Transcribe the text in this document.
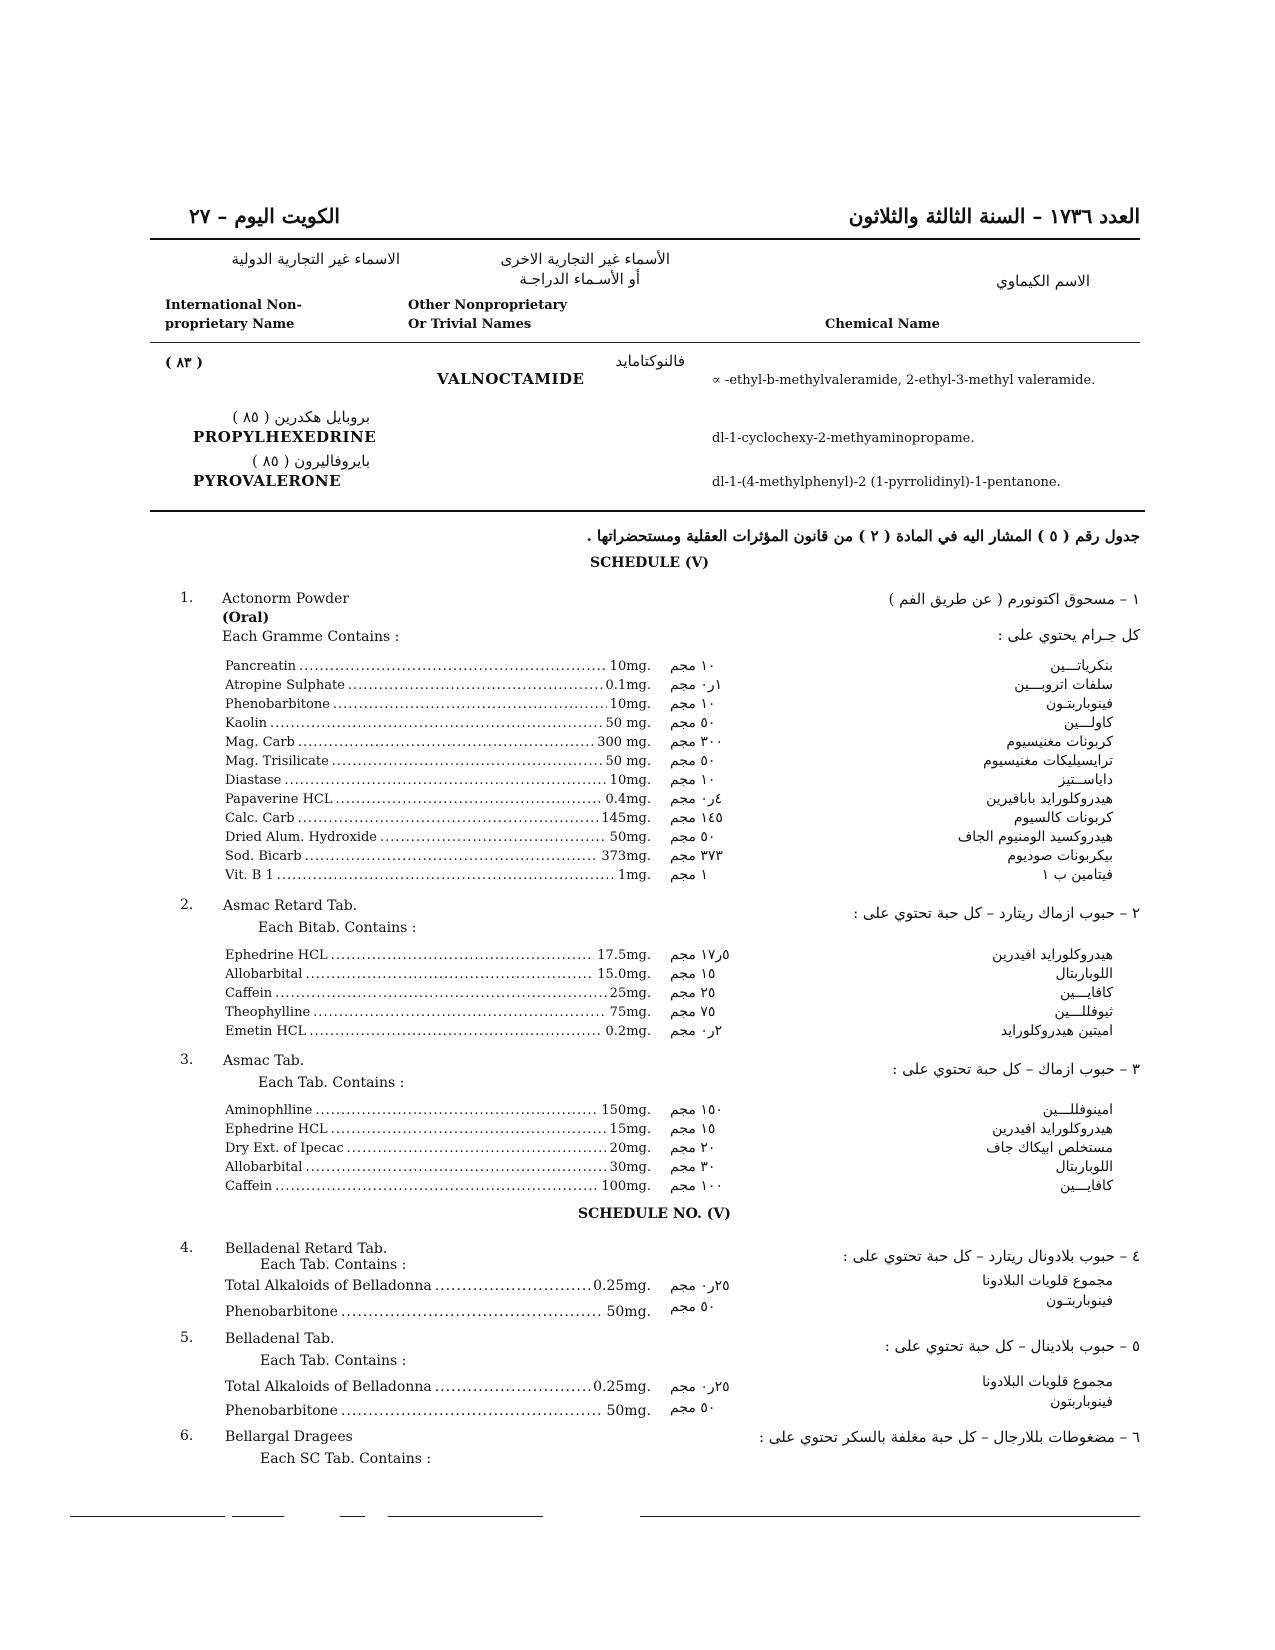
الكويت اليوم – ٢٧	العدد ١٧٣٦ – السنة الثالثة والثلاثون
الاسماء غير التجارية الدولية
International Non-
proprietary Name
الأسماء غير التجارية الاخرى
أو الأسـماء الدراجـة
Other Nonproprietary
Or Trivial Names
الاسم الكيماوي
Chemical Name
( ٨٣ )	فالنوكتامايد
VALNOCTAMIDE	∝ -ethyl-b-methylvaleramide, 2-ethyl-3-methyl valeramide.
بروبايل هكدرين ( ٨٥ )
PROPYLHEXEDRINE	dl-1-cyclochexy-2-methyaminopropame.
بايروفاليرون ( ٨٥ )
PYROVALERONE	dl-1-(4-methylphenyl)-2 (1-pyrrolidinyl)-1-pentanone.
جدول رقم ( ٥ ) المشار اليه في المادة ( ٢ ) من قانون المؤثرات العقلية ومستحضراتها .
SCHEDULE (V)
1. Actonorm Powder
(Oral)
Each Gramme Contains :
١ – مسحوق اكتونورم ( عن طريق الفم )
كل جـرام يحتوي على :
Pancreatin .....	10mg. ١٠ مجم	بنكرياتـــين
Atropine Sulphate .....	0.1mg. ١ر٠ مجم	سلفات اتروبـــين
Phenobarbitone .....	10mg. ١٠ مجم	فينوباربتـون
Kaolin .....	50 mg. ٥٠ مجم	كاولـــين
Mag. Carb .....	300 mg. ٣٠٠ مجم	كربونات مغنيسيوم
Mag. Trisilicate .....	50 mg. ٥٠ مجم	ترايسيليكات مغنيسيوم
Diastase .....	10mg. ١٠ مجم	داياســتيز
Papaverine HCL .....	0.4mg. ٤ر٠ مجم	هيدروكلورايد بابافيرين
Calc. Carb .....	145mg. ١٤٥ مجم	كربونات كالسيوم
Dried Alum. Hydroxide .....	50mg. ٥٠ مجم	هيدروكسيد الومنيوم الجاف
Sod. Bicarb .....	373mg. ٣٧٣ مجم	بيكربونات صوديوم
Vit. B 1 .....	1mg. ١ مجم	فيتامين ب ١
2. Asmac Retard Tab.
Each Bitab. Contains :
٢ – حبوب ازماك ريتارد – كل حبة تحتوي على :
Ephedrine HCL .....	17.5mg. ٥ر١٧ مجم	هيدروكلورايد افيدرين
Allobarbital .....	15.0mg. ١٥ مجم	اللوباربتال
Caffein .....	25mg. ٢٥ مجم	كافايـــين
Theophylline .....	75mg. ٧٥ مجم	ثيوفللـــين
Emetin HCL .....	0.2mg. ٢ر٠ مجم	اميتين هيدروكلورايد
3. Asmac Tab.
Each Tab. Contains :
٣ – حبوب ازماك – كل حبة تحتوي على :
Aminophlline .....	150mg. ١٥٠ مجم	امينوفللـــين
Ephedrine HCL .....	15mg. ١٥ مجم	هيدروكلورايد افيدرين
Dry Ext. of Ipecac .....	20mg. ٢٠ مجم	مستخلص ابيكاك جاف
Allobarbital .....	30mg. ٣٠ مجم	اللوباربتال
Caffein .....	100mg. ١٠٠ مجم	كافايـــين
SCHEDULE NO. (V)
4. Belladenal Retard Tab.
Each Tab. Contains :	٤ – حبوب بلادونال ريتارد – كل حبة تحتوي على :
Total Alkaloids of Belladonna .....	0.25mg. ٢٥ر٠ مجم	مجموع قلويات البلادونا
Phenobarbitone .....	50mg. ٥٠ مجم	فينوباربتـون
5. Belladenal Tab.
Each Tab. Contains :
٥ – حبوب بلادينال – كل حبة تحتوي على :
Total Alkaloids of Belladonna .....	0.25mg. ٢٥ر٠ مجم	مجموع قلويات البلادونا
Phenobarbitone .....	50mg. ٥٠ مجم	فينوباربتون
6. Bellargal Dragees
Each SC Tab. Contains :
٦ – مضغوطات بللارجال – كل حبة مغلفة بالسكر تحتوي على :
